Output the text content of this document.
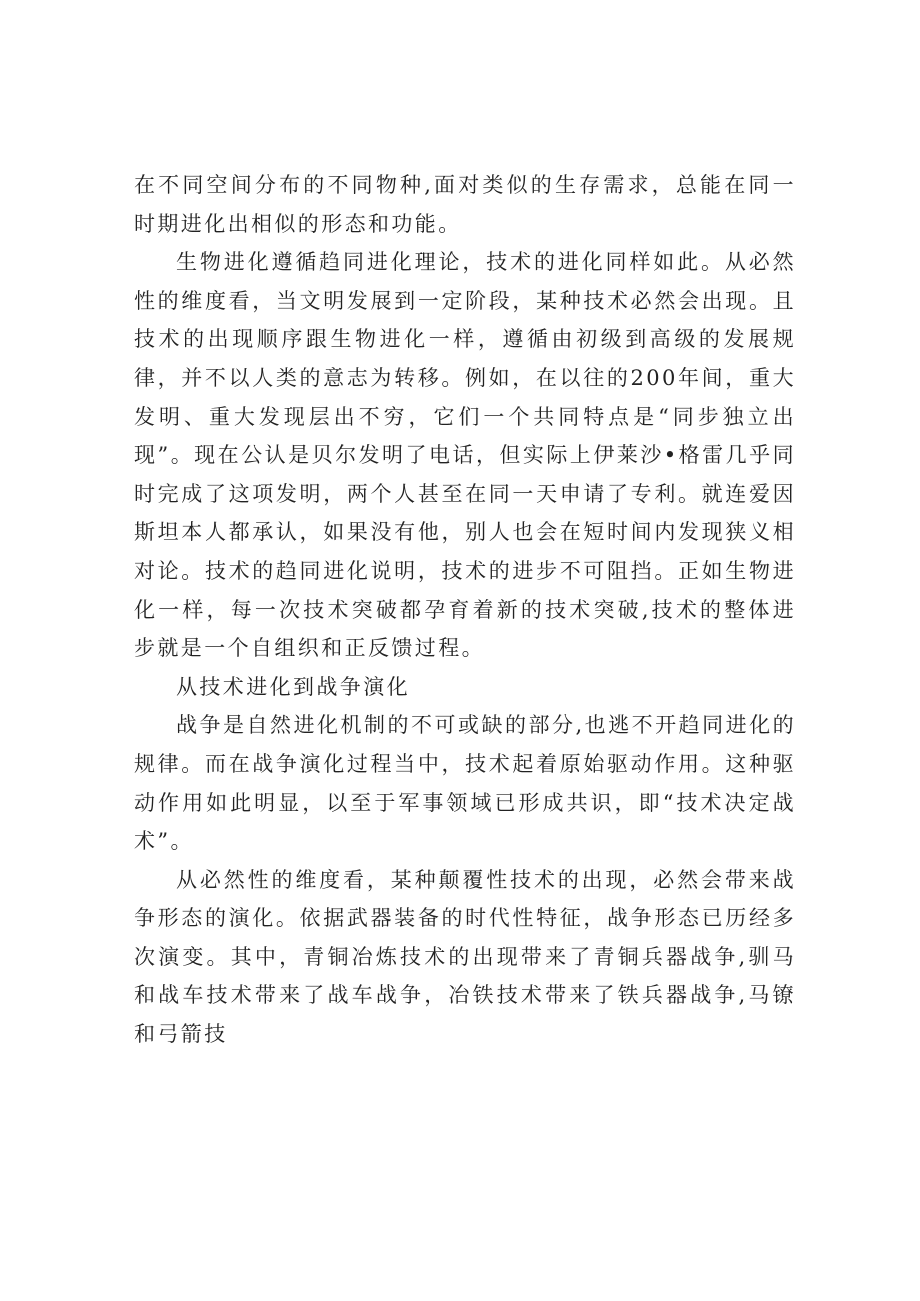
在不同空间分布的不同物种,面对类似的生存需求，总能在同一时期进化出相似的形态和功能。

生物进化遵循趋同进化理论，技术的进化同样如此。从必然性的维度看，当文明发展到一定阶段，某种技术必然会出现。且技术的出现顺序跟生物进化一样，遵循由初级到高级的发展规律，并不以人类的意志为转移。例如，在以往的200年间，重大发明、重大发现层出不穷，它们一个共同特点是“同步独立出现”。现在公认是贝尔发明了电话，但实际上伊莱沙•格雷几乎同时完成了这项发明，两个人甚至在同一天申请了专利。就连爱因斯坦本人都承认，如果没有他，别人也会在短时间内发现狭义相对论。技术的趋同进化说明，技术的进步不可阻挡。正如生物进化一样，每一次技术突破都孕育着新的技术突破,技术的整体进步就是一个自组织和正反馈过程。

从技术进化到战争演化

战争是自然进化机制的不可或缺的部分,也逃不开趋同进化的规律。而在战争演化过程当中，技术起着原始驱动作用。这种驱动作用如此明显，以至于军事领域已形成共识，即“技术决定战术”。

从必然性的维度看，某种颠覆性技术的出现，必然会带来战争形态的演化。依据武器装备的时代性特征，战争形态已历经多次演变。其中，青铜冶炼技术的出现带来了青铜兵器战争,驯马和战车技术带来了战车战争，冶铁技术带来了铁兵器战争,马镣和弓箭技
